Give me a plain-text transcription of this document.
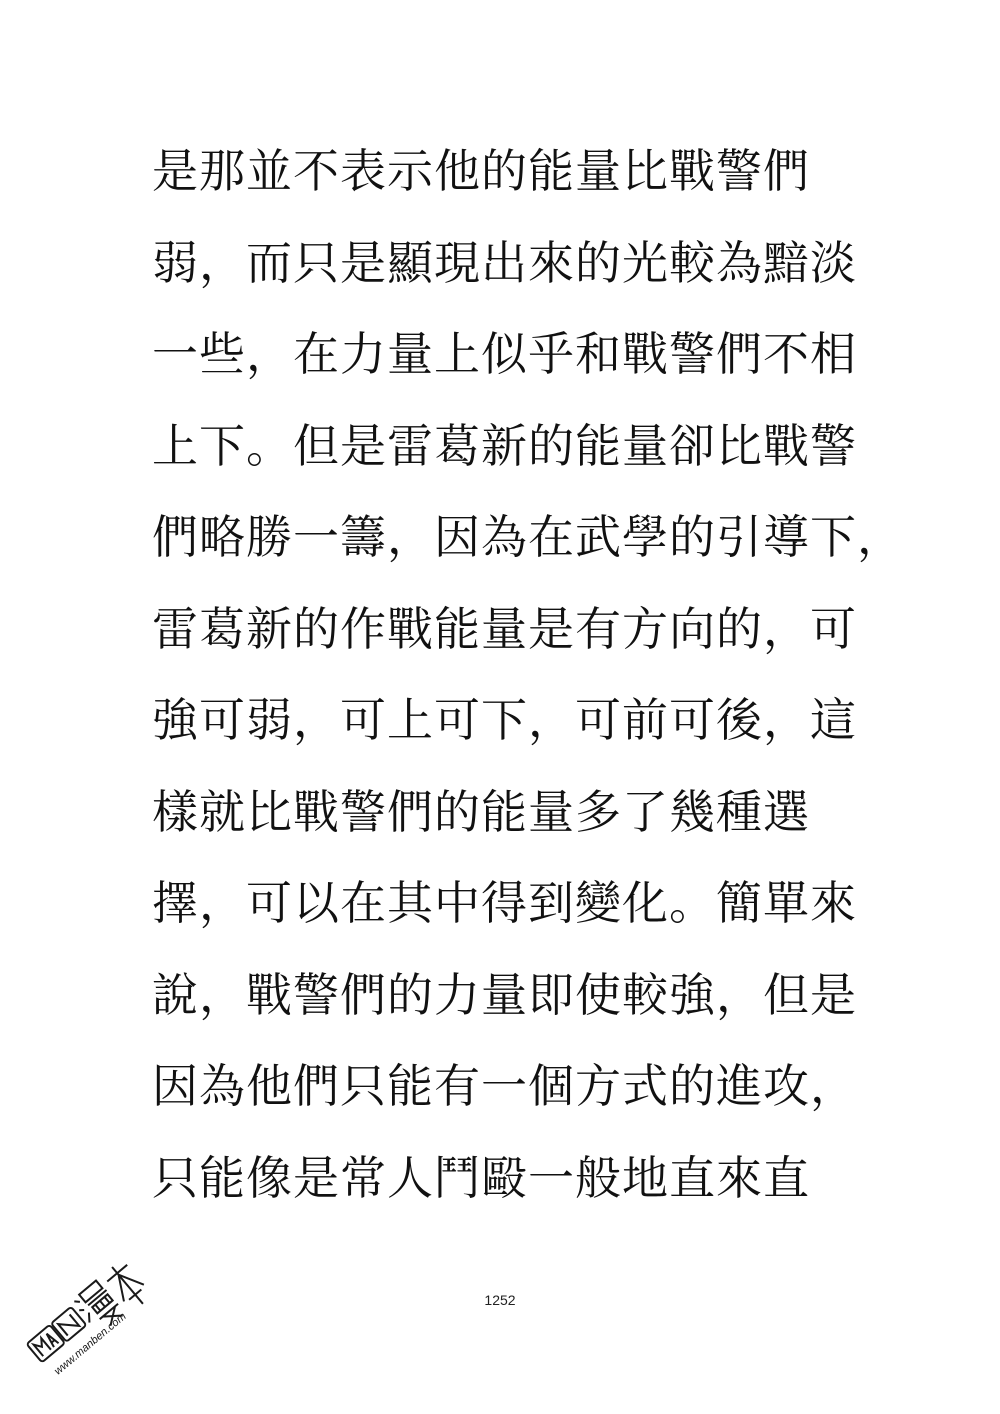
是那並不表示他的能量比戰警們
弱，而只是顯現出來的光較為黯淡
一些，在力量上似乎和戰警們不相
上下。但是雷葛新的能量卻比戰警
們略勝一籌，因為在武學的引導下，
雷葛新的作戰能量是有方向的，可
強可弱，可上可下，可前可後，這
樣就比戰警們的能量多了幾種選
擇，可以在其中得到變化。簡單來
說，戰警們的力量即使較強，但是
因為他們只能有一個方式的進攻，
只能像是常人鬥毆一般地直來直
1252
www.manben.com
